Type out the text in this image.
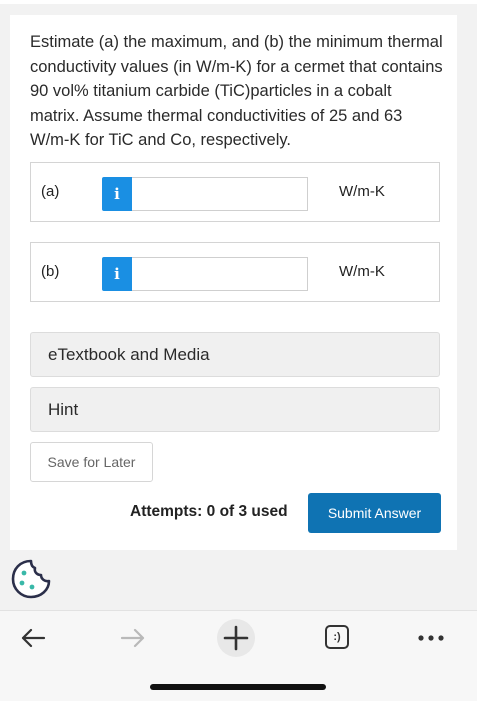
Estimate (a) the maximum, and (b) the minimum thermal conductivity values (in W/m-K) for a cermet that contains 90 vol% titanium carbide (TiC)particles in a cobalt matrix. Assume thermal conductivities of 25 and 63 W/m-K for TiC and Co, respectively.
(a)	i	W/m-K
(b)	i	W/m-K
eTextbook and Media
Hint
Save for Later
Attempts: 0 of 3 used	Submit Answer
:)
